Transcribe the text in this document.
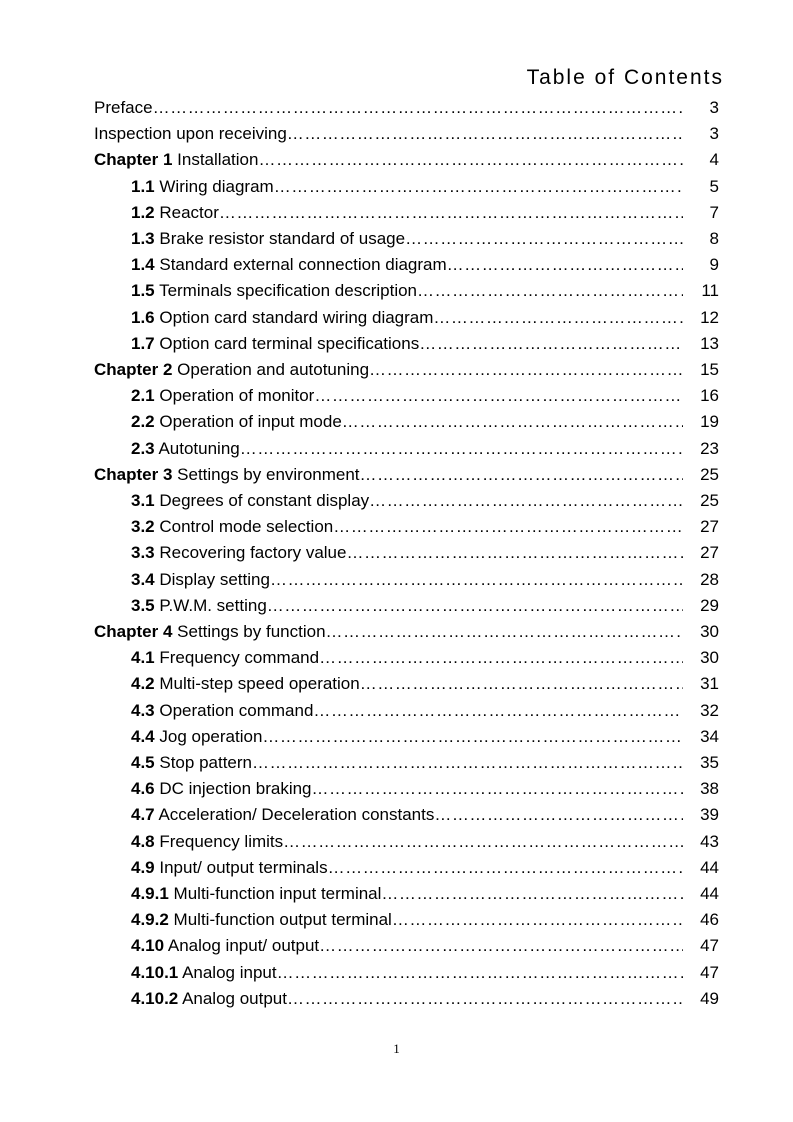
Table of Contents
Preface ………………………………………………………………………………………………………………………………………………………………	3
Inspection upon receiving ………………………………………………………………………………………………………………………………………………………………	3
Chapter 1 Installation ………………………………………………………………………………………………………………………………………………………………	4
1.1 Wiring diagram ………………………………………………………………………………………………………………………………………………………………	5
1.2 Reactor ………………………………………………………………………………………………………………………………………………………………	7
1.3 Brake resistor standard of usage ………………………………………………………………………………………………………………………………………………………………	8
1.4 Standard external connection diagram ………………………………………………………………………………………………………………………………………………………………	9
1.5 Terminals specification description ………………………………………………………………………………………………………………………………………………………………	11
1.6 Option card standard wiring diagram ………………………………………………………………………………………………………………………………………………………………	12
1.7 Option card terminal specifications ………………………………………………………………………………………………………………………………………………………………	13
Chapter 2 Operation and autotuning ………………………………………………………………………………………………………………………………………………………………	15
2.1 Operation of monitor ………………………………………………………………………………………………………………………………………………………………	16
2.2 Operation of input mode ………………………………………………………………………………………………………………………………………………………………	19
2.3 Autotuning ………………………………………………………………………………………………………………………………………………………………	23
Chapter 3 Settings by environment ………………………………………………………………………………………………………………………………………………………………	25
3.1 Degrees of constant display ………………………………………………………………………………………………………………………………………………………………	25
3.2 Control mode selection ………………………………………………………………………………………………………………………………………………………………	27
3.3 Recovering factory value ………………………………………………………………………………………………………………………………………………………………	27
3.4 Display setting ………………………………………………………………………………………………………………………………………………………………	28
3.5 P.W.M. setting ………………………………………………………………………………………………………………………………………………………………	29
Chapter 4 Settings by function ………………………………………………………………………………………………………………………………………………………………	30
4.1 Frequency command ………………………………………………………………………………………………………………………………………………………………	30
4.2 Multi-step speed operation ………………………………………………………………………………………………………………………………………………………………	31
4.3 Operation command ………………………………………………………………………………………………………………………………………………………………	32
4.4 Jog operation ………………………………………………………………………………………………………………………………………………………………	34
4.5 Stop pattern ………………………………………………………………………………………………………………………………………………………………	35
4.6 DC injection braking ………………………………………………………………………………………………………………………………………………………………	38
4.7 Acceleration/ Deceleration constants ………………………………………………………………………………………………………………………………………………………………	39
4.8 Frequency limits ………………………………………………………………………………………………………………………………………………………………	43
4.9 Input/ output terminals ………………………………………………………………………………………………………………………………………………………………	44
4.9.1 Multi-function input terminal ………………………………………………………………………………………………………………………………………………………………	44
4.9.2 Multi-function output terminal ………………………………………………………………………………………………………………………………………………………………	46
4.10 Analog input/ output ………………………………………………………………………………………………………………………………………………………………	47
4.10.1 Analog input ………………………………………………………………………………………………………………………………………………………………	47
4.10.2 Analog output ………………………………………………………………………………………………………………………………………………………………	49
1
